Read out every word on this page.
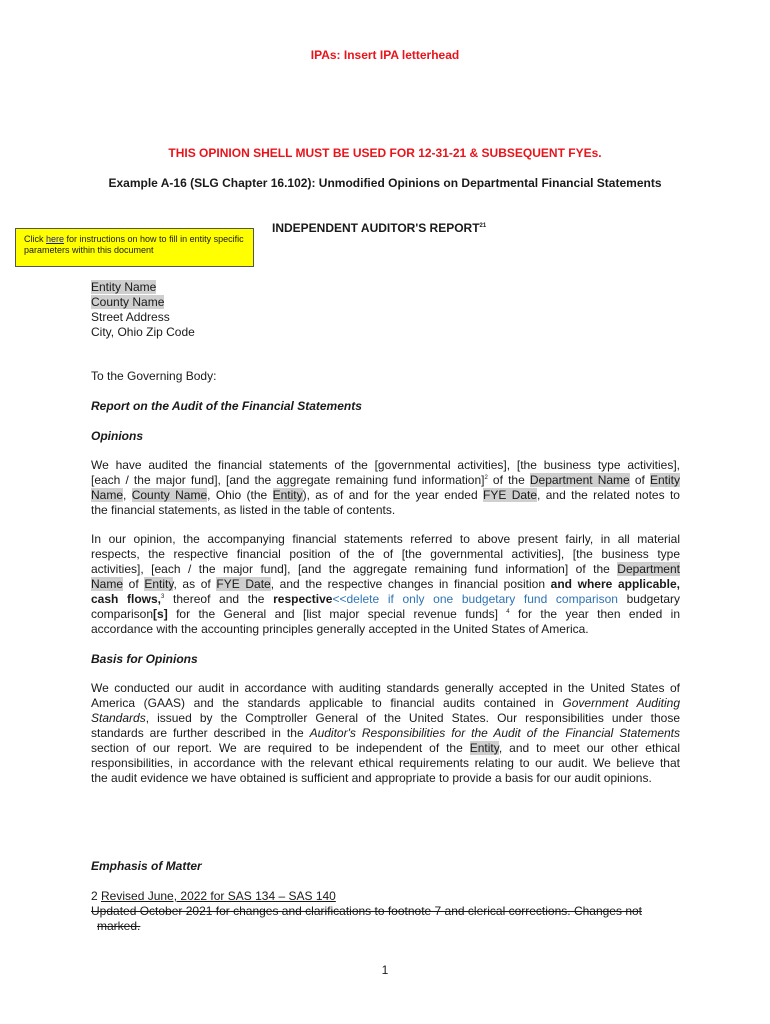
IPAs: Insert IPA letterhead
THIS OPINION SHELL MUST BE USED FOR 12-31-21 & SUBSEQUENT FYEs.
Example A-16 (SLG Chapter 16.102): Unmodified Opinions on Departmental Financial Statements
INDEPENDENT AUDITOR'S REPORT$^{21}$
Click here for instructions on how to fill in entity specific parameters within this document
Entity Name
County Name
Street Address
City, Ohio Zip Code
To the Governing Body:
Report on the Audit of the Financial Statements
Opinions
We have audited the financial statements of the [governmental activities], [the business type activities],
[each / the major fund], [and the aggregate remaining fund information]$^2$ of the Department Name of Entity
Name, County Name, Ohio (the Entity), as of and for the year ended FYE Date, and the related notes to
the financial statements, as listed in the table of contents.
In our opinion, the accompanying financial statements referred to above present fairly, in all material
respects, the respective financial position of the of [the governmental activities], [the business type
activities], [each / the major fund], [and the aggregate remaining fund information] of the Department
Name of Entity, as of FYE Date, and the respective changes in financial position and where applicable,
cash flows,$^3$ thereof and the respective<<delete if only one budgetary fund comparison budgetary
comparison[s] for the General and [list major special revenue funds] $^4$ for the year then ended in
accordance with the accounting principles generally accepted in the United States of America.
Basis for Opinions
We conducted our audit in accordance with auditing standards generally accepted in the United States of
America (GAAS) and the standards applicable to financial audits contained in Government Auditing
Standards, issued by the Comptroller General of the United States. Our responsibilities under those
standards are further described in the Auditor's Responsibilities for the Audit of the Financial Statements
section of our report. We are required to be independent of the Entity, and to meet our other ethical
responsibilities, in accordance with the relevant ethical requirements relating to our audit. We believe that
the audit evidence we have obtained is sufficient and appropriate to provide a basis for our audit opinions.
Emphasis of Matter
2 Revised June, 2022 for SAS 134 – SAS 140
Updated October 2021 for changes and clarifications to footnote 7 and clerical corrections. Changes not
marked.
1
